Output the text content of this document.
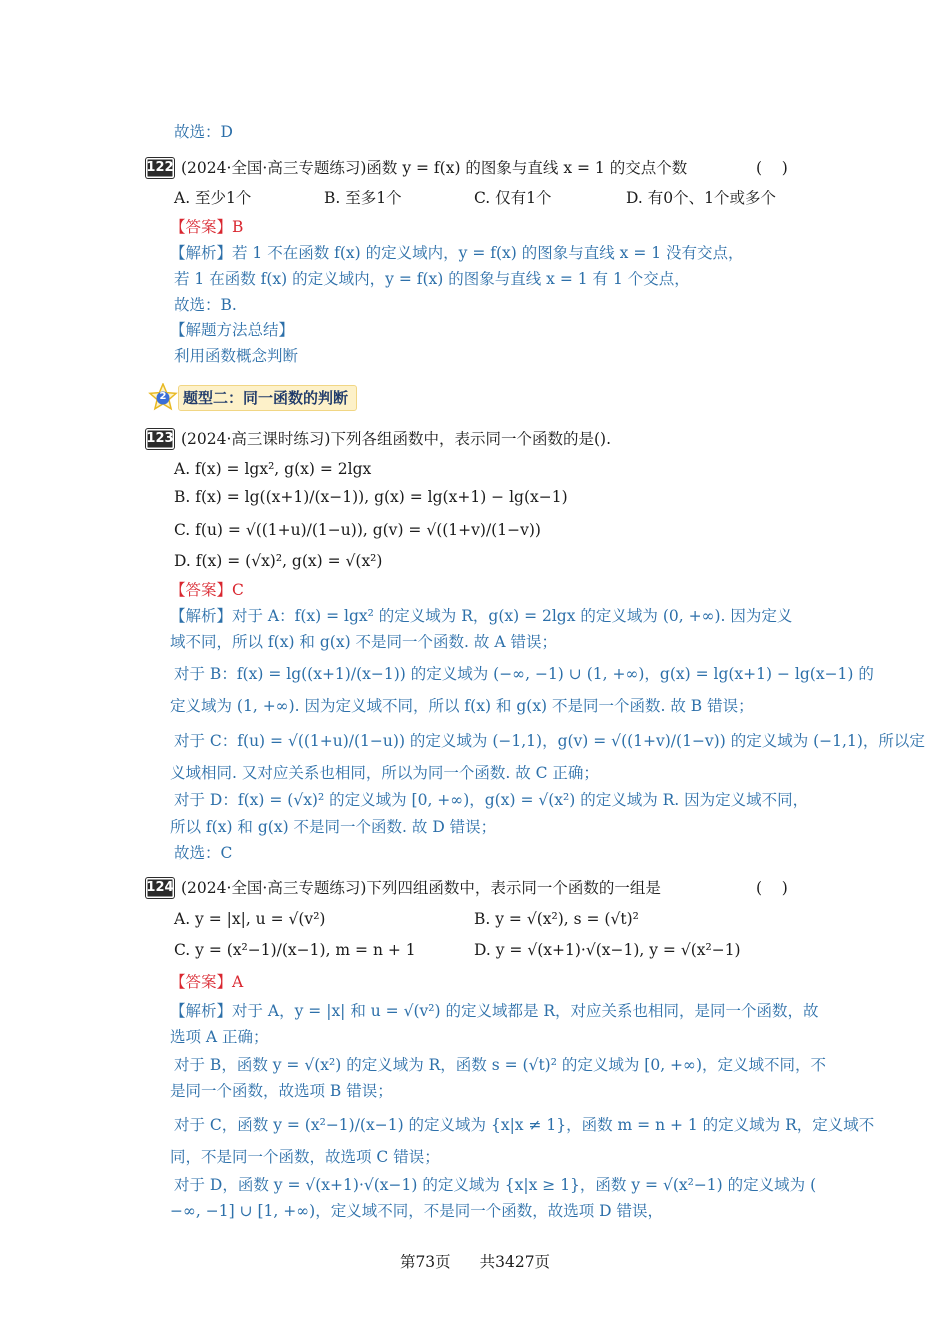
故选：D
122 (2024·全国·高三专题练习)函数 y = f(x) 的图象与直线 x = 1 的交点个数	(    )
A. 至少1个	B. 至多1个	C. 仅有1个	D. 有0个、1个或多个
【答案】B
【解析】若 1 不在函数 f(x) 的定义域内，y = f(x) 的图象与直线 x = 1 没有交点，
若 1 在函数 f(x) 的定义域内，y = f(x) 的图象与直线 x = 1 有 1 个交点，
故选：B.
【解题方法总结】
利用函数概念判断
2	题型二：同一函数的判断
123 (2024·高三课时练习)下列各组函数中，表示同一个函数的是().
A. f(x) = lgx², g(x) = 2lgx
B. f(x) = lg((x+1)/(x−1)), g(x) = lg(x+1) − lg(x−1)
C. f(u) = √((1+u)/(1−u)), g(v) = √((1+v)/(1−v))
D. f(x) = (√x)², g(x) = √(x²)
【答案】C
【解析】对于 A：f(x) = lgx² 的定义域为 R，g(x) = 2lgx 的定义域为 (0, +∞). 因为定义
域不同，所以 f(x) 和 g(x) 不是同一个函数. 故 A 错误；
对于 B：f(x) = lg((x+1)/(x−1)) 的定义域为 (−∞, −1) ∪ (1, +∞)，g(x) = lg(x+1) − lg(x−1) 的
定义域为 (1, +∞). 因为定义域不同，所以 f(x) 和 g(x) 不是同一个函数. 故 B 错误；
对于 C：f(u) = √((1+u)/(1−u)) 的定义域为 (−1,1)，g(v) = √((1+v)/(1−v)) 的定义域为 (−1,1)，所以定
义域相同. 又对应关系也相同，所以为同一个函数. 故 C 正确；
对于 D：f(x) = (√x)² 的定义域为 [0, +∞)，g(x) = √(x²) 的定义域为 R. 因为定义域不同，
所以 f(x) 和 g(x) 不是同一个函数. 故 D 错误；
故选：C
124 (2024·全国·高三专题练习)下列四组函数中，表示同一个函数的一组是	(    )
A. y = |x|, u = √(v²)	B. y = √(x²), s = (√t)²
C. y = (x²−1)/(x−1), m = n + 1	D. y = √(x+1)·√(x−1), y = √(x²−1)
【答案】A
【解析】对于 A，y = |x| 和 u = √(v²) 的定义域都是 R，对应关系也相同，是同一个函数，故
选项 A 正确；
对于 B，函数 y = √(x²) 的定义域为 R，函数 s = (√t)² 的定义域为 [0, +∞)，定义域不同，不
是同一个函数，故选项 B 错误；
对于 C，函数 y = (x²−1)/(x−1) 的定义域为 {x|x ≠ 1}，函数 m = n + 1 的定义域为 R，定义域不
同，不是同一个函数，故选项 C 错误；
对于 D，函数 y = √(x+1)·√(x−1) 的定义域为 {x|x ≥ 1}，函数 y = √(x²−1) 的定义域为 (
−∞, −1] ∪ [1, +∞)，定义域不同，不是同一个函数，故选项 D 错误，
第73页 共3427页
